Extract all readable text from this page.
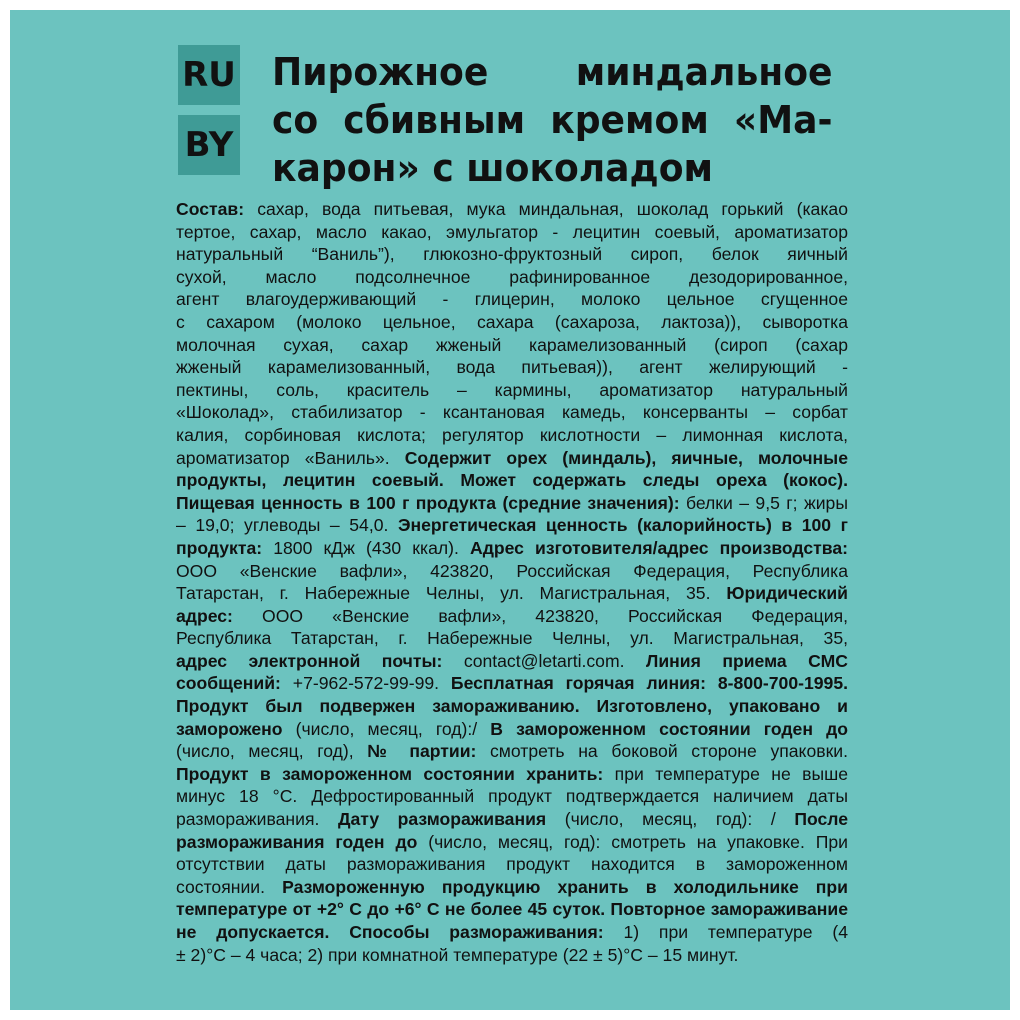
RU
BY
Пирожное миндальное
со сбивным кремом «Ма-
карон» с шоколадом
Состав: сахар, вода питьевая, мука миндальная, шоколад горький (какао
тертое, сахар, масло какао, эмульгатор - лецитин соевый, ароматизатор
натуральный “Ваниль”), глюкозно-фруктозный сироп, белок яичный
сухой, масло подсолнечное рафинированное дезодорированное,
агент влагоудерживающий - глицерин, молоко цельное сгущенное
с сахаром (молоко цельное, сахара (сахароза, лактоза)), сыворотка
молочная сухая, сахар жженый карамелизованный (сироп (сахар
жженый карамелизованный, вода питьевая)), агент желирующий -
пектины, соль, краситель – кармины, ароматизатор натуральный
«Шоколад», стабилизатор - ксантановая камедь, консерванты – сорбат
калия, сорбиновая кислота; регулятор кислотности – лимонная кислота,
ароматизатор «Ваниль». Содержит орех (миндаль), яичные, молочные
продукты, лецитин соевый. Может содержать следы ореха (кокос).
Пищевая ценность в 100 г продукта (средние значения): белки – 9,5 г; жиры
– 19,0; углеводы – 54,0. Энергетическая ценность (калорийность) в 100 г
продукта: 1800 кДж (430 ккал). Адрес изготовителя/адрес производства:
ООО «Венские вафли», 423820, Российская Федерация, Республика
Татарстан, г. Набережные Челны, ул. Магистральная, 35. Юридический
адрес: ООО «Венские вафли», 423820, Российская Федерация,
Республика Татарстан, г. Набережные Челны, ул. Магистральная, 35,
адрес электронной почты: contact@letarti.com. Линия приема СМС
сообщений: +7-962-572-99-99. Бесплатная горячая линия: 8-800-700-1995.
Продукт был подвержен замораживанию. Изготовлено, упаковано и
заморожено (число, месяц, год):/ В замороженном состоянии годен до
(число, месяц, год), № партии: смотреть на боковой стороне упаковки.
Продукт в замороженном состоянии хранить: при температуре не выше
минус 18 °С. Дефростированный продукт подтверждается наличием даты
размораживания. Дату размораживания (число, месяц, год): / После
размораживания годен до (число, месяц, год): смотреть на упаковке. При
отсутствии даты размораживания продукт находится в замороженном
состоянии. Размороженную продукцию хранить в холодильнике при
температуре от +2° С до +6° С не более 45 суток. Повторное замораживание
не допускается. Способы размораживания: 1) при температуре (4
± 2)°С – 4 часа; 2) при комнатной температуре (22 ± 5)°С – 15 минут.
